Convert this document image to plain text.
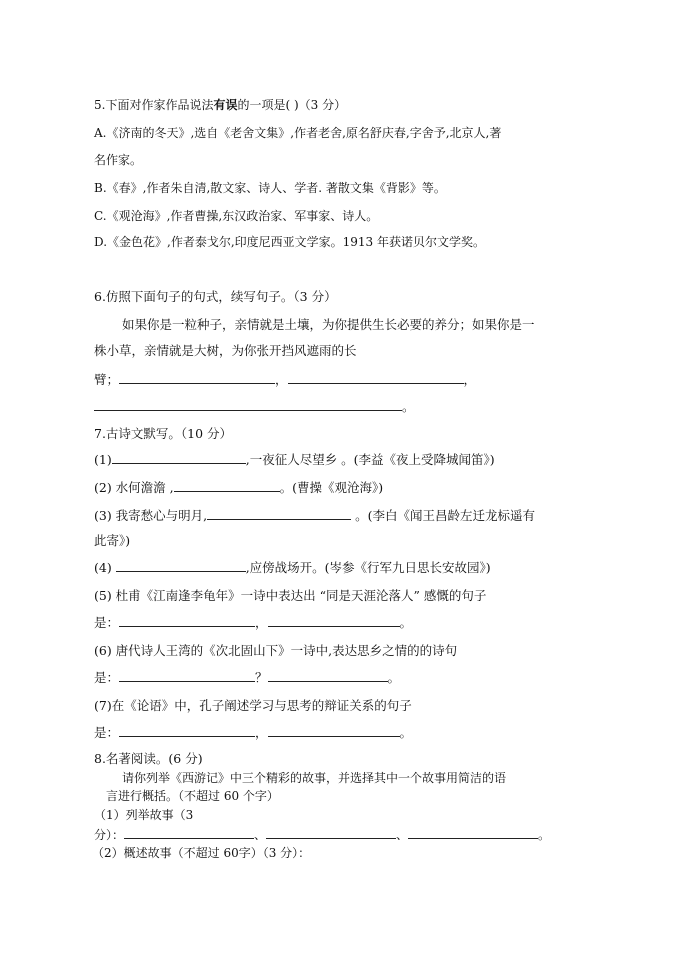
5.下面对作家作品说法有误的一项是( )（3 分）
A.《济南的冬天》,选自《老舍文集》,作者老舍,原名舒庆春,字舍予,北京人,著
名作家。
B.《春》,作者朱自清,散文家、诗人、学者. 著散文集《背影》等。
C.《观沧海》,作者曹操,东汉政治家、军事家、诗人。
D.《金色花》,作者泰戈尔,印度尼西亚文学家。1913 年获诺贝尔文学奖。
6.仿照下面句子的句式，续写句子。（3 分）
如果你是一粒种子，亲情就是土壤，为你提供生长必要的养分；如果你是一
株小草，亲情就是大树，为你张开挡风遮雨的长
臂；	，	，
。
7.古诗文默写。（10 分）
(1)	,一夜征人尽望乡 。(李益《夜上受降城闻笛》)
(2) 水何澹澹 ,	。(曹操《观沧海》)
(3) 我寄愁心与明月,	。(李白《闻王昌龄左迁龙标遥有
此寄》)
(4)	,应傍战场开。(岑参《行军九日思长安故园》)
(5) 杜甫《江南逢李龟年》一诗中表达出 “同是天涯沦落人” 感慨的句子
是：	，	。
(6) 唐代诗人王湾的《次北固山下》一诗中,表达思乡之情的的诗句
是：	？	。
(7)在《论语》中，孔子阐述学习与思考的辩证关系的句子
是：	，	。
8.名著阅读。(6 分)
请你列举《西游记》中三个精彩的故事，并选择其中一个故事用简洁的语
言进行概括。（不超过 60 个字）
（1）列举故事（3
分）：	、	、	。
（2）概述故事（不超过 60字）（3 分）：
